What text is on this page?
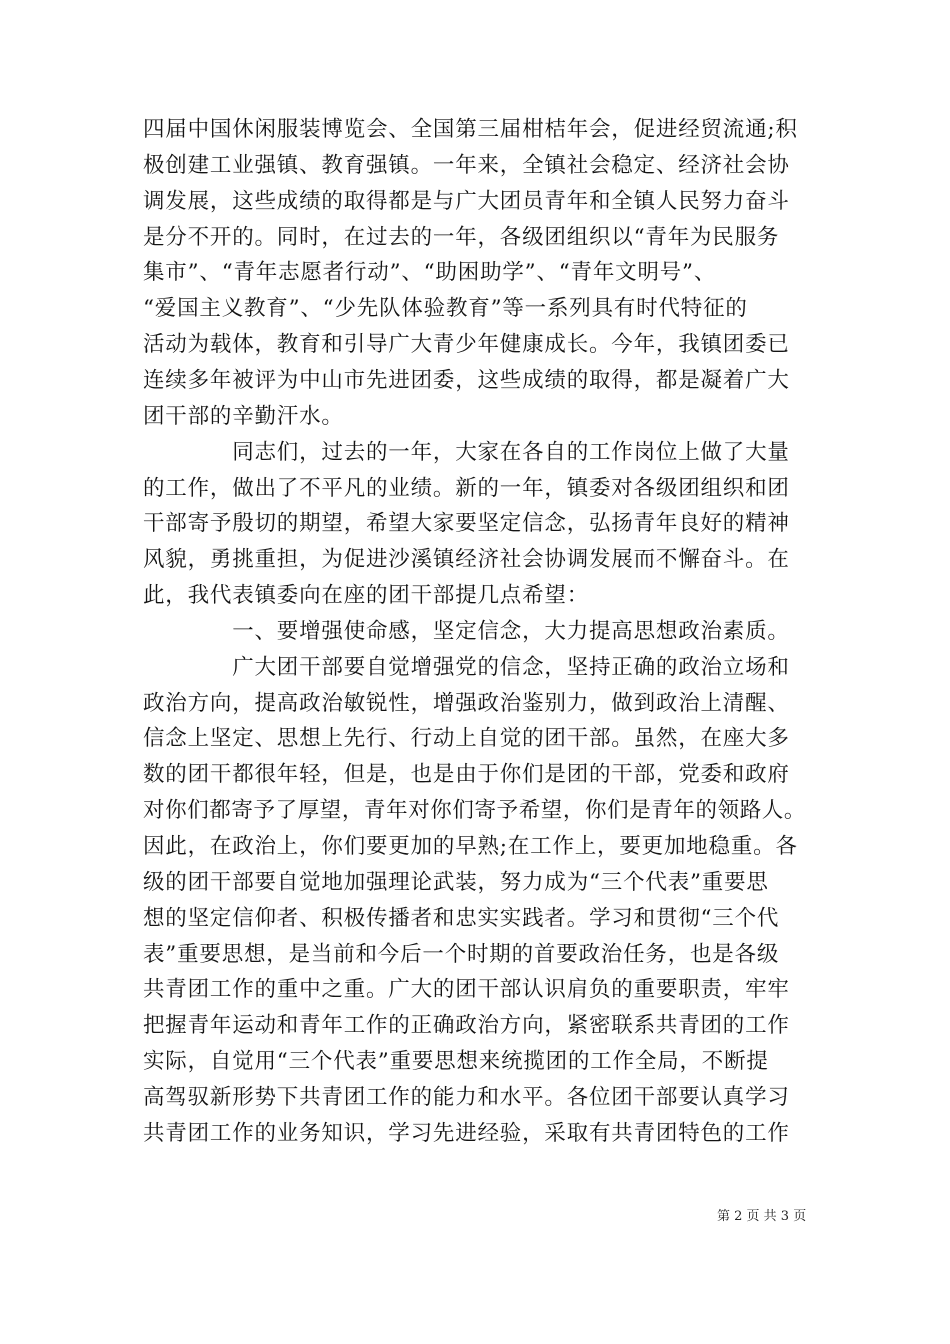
四届中国休闲服装博览会、全国第三届柑桔年会，促进经贸流通;积

极创建工业强镇、教育强镇。一年来，全镇社会稳定、经济社会协

调发展，这些成绩的取得都是与广大团员青年和全镇人民努力奋斗

是分不开的。同时，在过去的一年，各级团组织以“青年为民服务

集市”、“青年志愿者行动”、“助困助学”、“青年文明号”、

“爱国主义教育”、“少先队体验教育”等一系列具有时代特征的

活动为载体，教育和引导广大青少年健康成长。今年，我镇团委已

连续多年被评为中山市先进团委，这些成绩的取得，都是凝着广大

团干部的辛勤汗水。

　　　　同志们，过去的一年，大家在各自的工作岗位上做了大量

的工作，做出了不平凡的业绩。新的一年，镇委对各级团组织和团

干部寄予殷切的期望，希望大家要坚定信念，弘扬青年良好的精神

风貌，勇挑重担，为促进沙溪镇经济社会协调发展而不懈奋斗。在

此，我代表镇委向在座的团干部提几点希望：

　　　　一、要增强使命感，坚定信念，大力提高思想政治素质。

　　　　广大团干部要自觉增强党的信念，坚持正确的政治立场和

政治方向，提高政治敏锐性，增强政治鉴别力，做到政治上清醒、

信念上坚定、思想上先行、行动上自觉的团干部。虽然，在座大多

数的团干都很年轻，但是，也是由于你们是团的干部，党委和政府

对你们都寄予了厚望，青年对你们寄予希望，你们是青年的领路人。

因此，在政治上，你们要更加的早熟;在工作上，要更加地稳重。各

级的团干部要自觉地加强理论武装，努力成为“三个代表”重要思

想的坚定信仰者、积极传播者和忠实实践者。学习和贯彻“三个代

表”重要思想，是当前和今后一个时期的首要政治任务，也是各级

共青团工作的重中之重。广大的团干部认识肩负的重要职责，牢牢

把握青年运动和青年工作的正确政治方向，紧密联系共青团的工作

实际，自觉用“三个代表”重要思想来统揽团的工作全局，不断提

高驾驭新形势下共青团工作的能力和水平。各位团干部要认真学习

共青团工作的业务知识，学习先进经验，采取有共青团特色的工作

第 2 页 共 3 页
